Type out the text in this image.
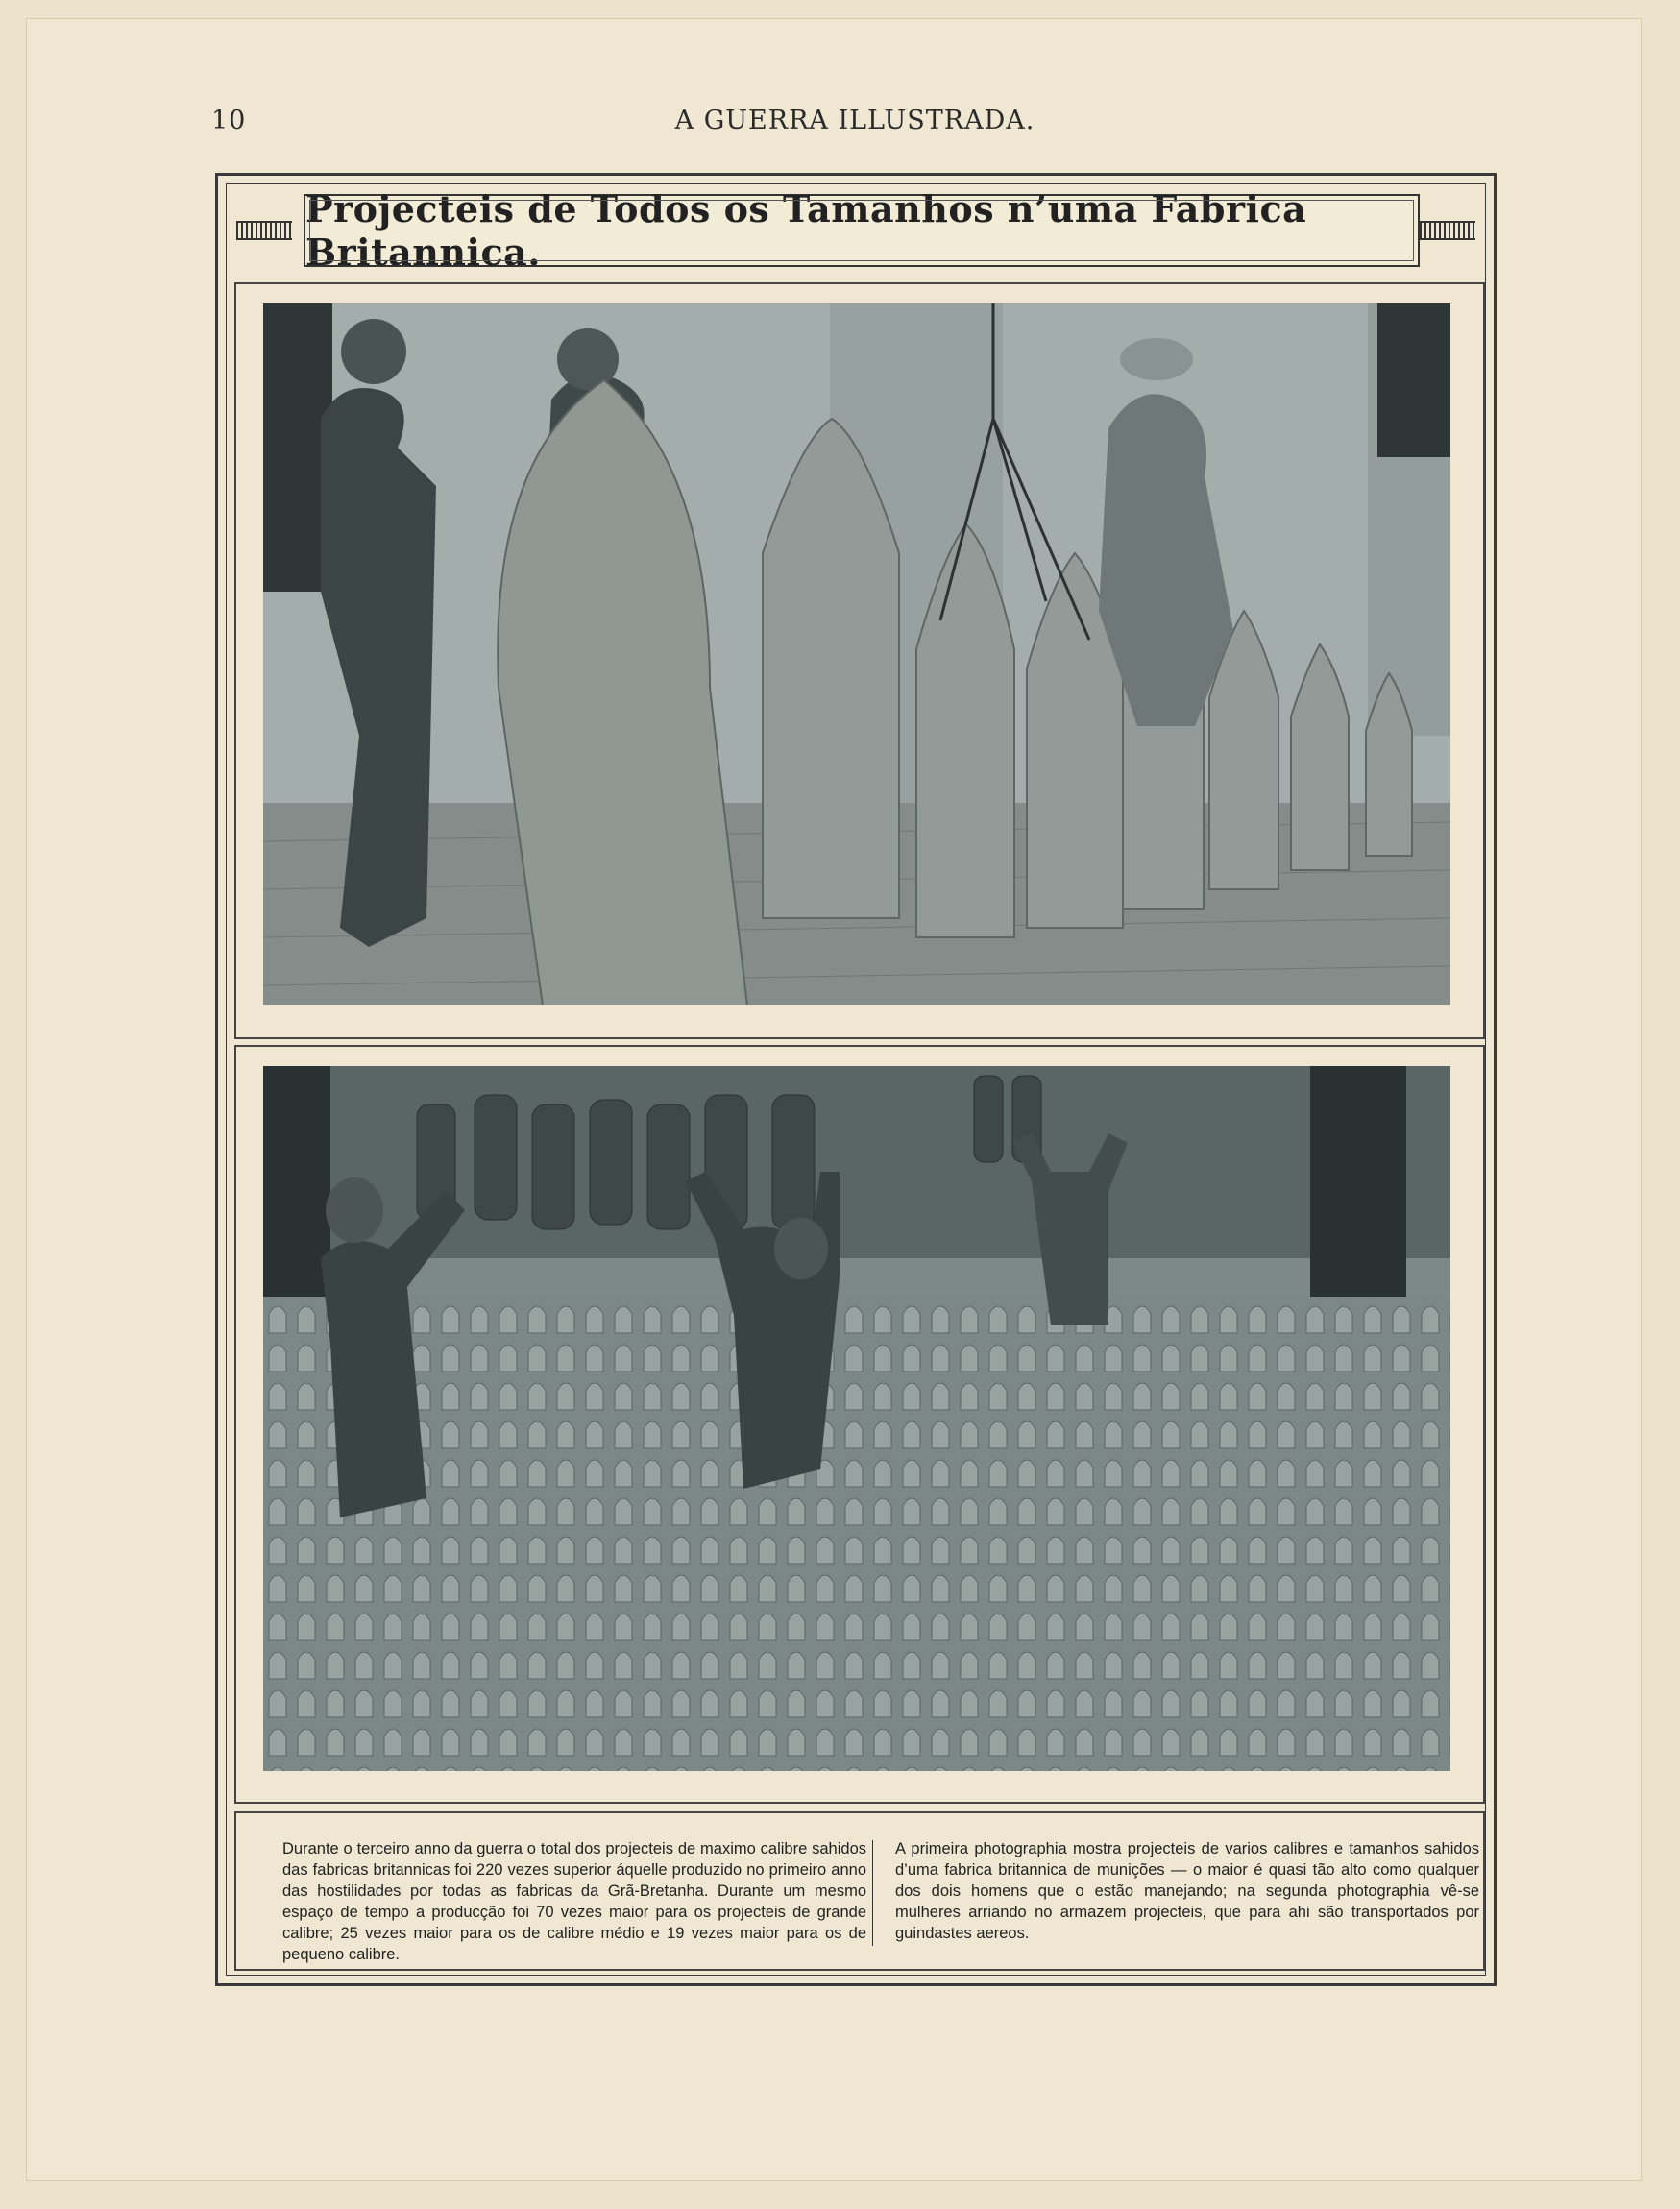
10	A GUERRA ILLUSTRADA.
Projecteis de Todos os Tamanhos n’uma Fabrica Britannica.
Durante o terceiro anno da guerra o total dos projecteis de maximo calibre sahidos das fabricas britannicas foi 220 vezes superior áquelle produzido no primeiro anno das hostilidades por todas as fabricas da Grã-Bretanha. Durante um mesmo espaço de tempo a producção foi 70 vezes maior para os projecteis de grande calibre; 25 vezes maior para os de calibre médio e 19 vezes maior para os de pequeno calibre.
A primeira photographia mostra projecteis de varios calibres e tamanhos sahidos d’uma fabrica britannica de munições — o maior é quasi tão alto como qualquer dos dois homens que o estão manejando; na segunda photographia vê-se mulheres arriando no armazem projecteis, que para ahi são transportados por guindastes aereos.
